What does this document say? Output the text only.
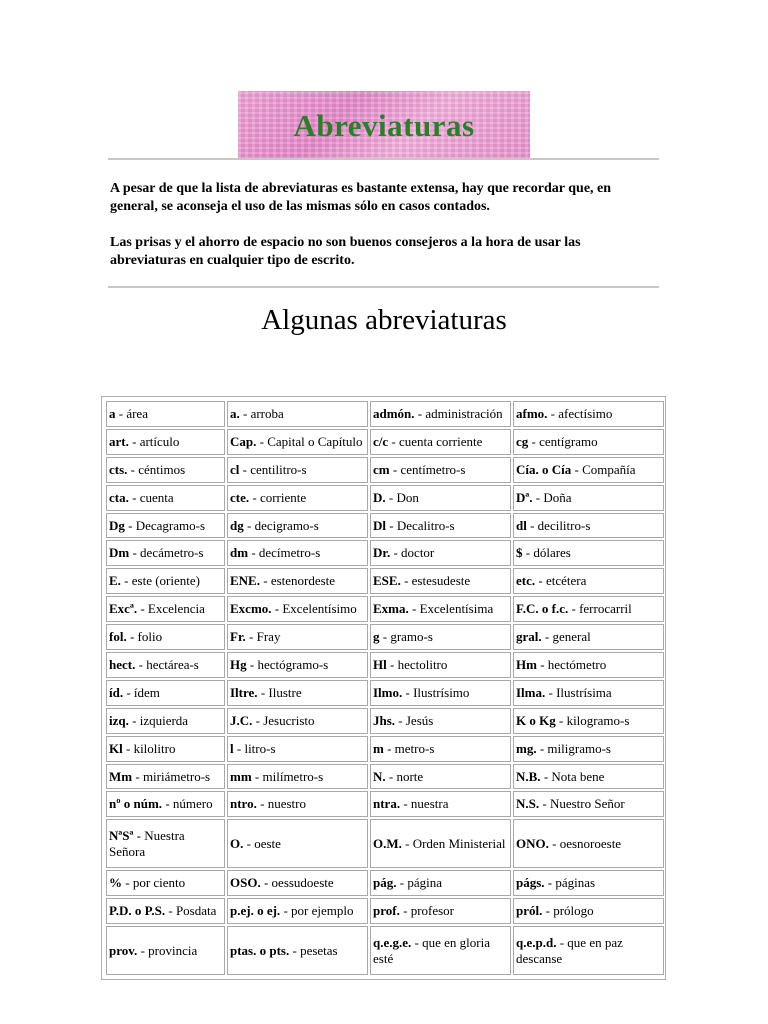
Abreviaturas
A pesar de que la lista de abreviaturas es bastante extensa, hay que recordar que, en general, se aconseja el uso de las mismas sólo en casos contados.
Las prisas y el ahorro de espacio no son buenos consejeros a la hora de usar las abreviaturas en cualquier tipo de escrito.
Algunas abreviaturas
a - área	a. - arroba	admón. - administración	afmo. - afectísimo
art. - artículo	Cap. - Capital o Capítulo	c/c - cuenta corriente	cg - centígramo
cts. - céntimos	cl - centilitro-s	cm - centímetro-s	Cía. o Cía - Compañía
cta. - cuenta	cte. - corriente	D. - Don	Dª. - Doña
Dg - Decagramo-s	dg - decigramo-s	Dl - Decalitro-s	dl - decilitro-s
Dm - decámetro-s	dm - decímetro-s	Dr. - doctor	$ - dólares
E. - este (oriente)	ENE. - estenordeste	ESE. - estesudeste	etc. - etcétera
Excª. - Excelencia	Excmo. - Excelentísimo	Exma. - Excelentísima	F.C. o f.c. - ferrocarril
fol. - folio	Fr. - Fray	g - gramo-s	gral. - general
hect. - hectárea-s	Hg - hectógramo-s	Hl - hectolitro	Hm - hectómetro
íd. - ídem	Iltre. - Ilustre	Ilmo. - Ilustrísimo	Ilma. - Ilustrísima
izq. - izquierda	J.C. - Jesucristo	Jhs. - Jesús	K o Kg - kilogramo-s
Kl - kilolitro	l - litro-s	m - metro-s	mg. - miligramo-s
Mm - miriámetro-s	mm - milímetro-s	N. - norte	N.B. - Nota bene
nº o núm. - número	ntro. - nuestro	ntra. - nuestra	N.S. - Nuestro Señor
NªSª - Nuestra Señora	O. - oeste	O.M. - Orden Ministerial	ONO. - oesnoroeste
% - por ciento	OSO. - oessudoeste	pág. - página	págs. - páginas
P.D. o P.S. - Posdata	p.ej. o ej. - por ejemplo	prof. - profesor	pról. - prólogo
prov. - provincia	ptas. o pts. - pesetas	q.e.g.e. - que en gloria esté	q.e.p.d. - que en paz descanse
